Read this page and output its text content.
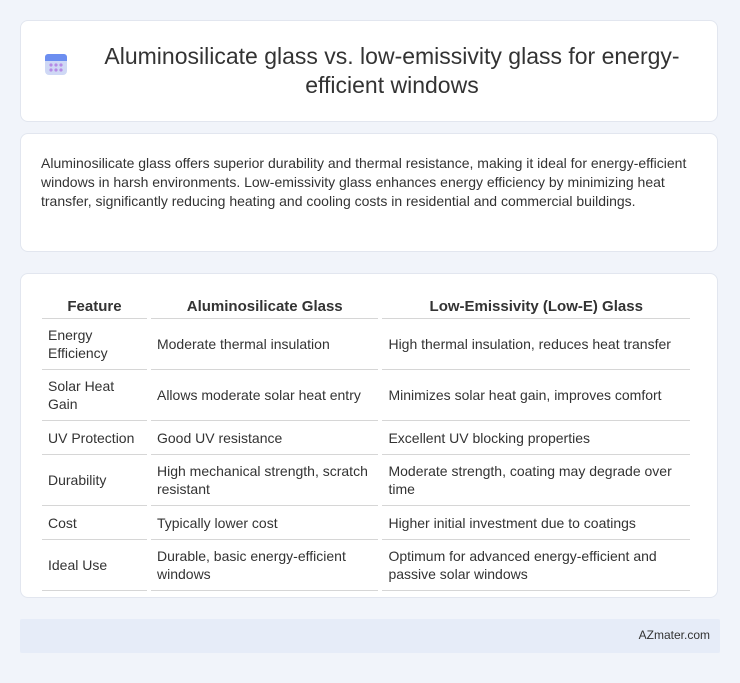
Aluminosilicate glass vs. low-emissivity glass for energy-efficient windows

Aluminosilicate glass offers superior durability and thermal resistance, making it ideal for energy-efficient windows in harsh environments. Low-emissivity glass enhances energy efficiency by minimizing heat transfer, significantly reducing heating and cooling costs in residential and commercial buildings.

Feature	Aluminosilicate Glass	Low-Emissivity (Low-E) Glass
Energy Efficiency	Moderate thermal insulation	High thermal insulation, reduces heat transfer
Solar Heat Gain	Allows moderate solar heat entry	Minimizes solar heat gain, improves comfort
UV Protection	Good UV resistance	Excellent UV blocking properties
Durability	High mechanical strength, scratch resistant	Moderate strength, coating may degrade over time
Cost	Typically lower cost	Higher initial investment due to coatings
Ideal Use	Durable, basic energy-efficient windows	Optimum for advanced energy-efficient and passive solar windows
AZmater.com
